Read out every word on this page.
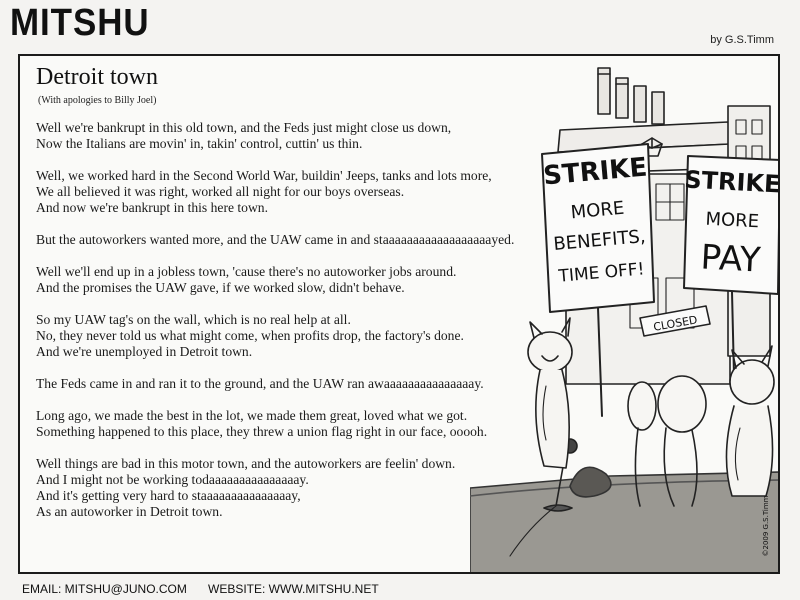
MITSHU	by G.S.Timm
Detroit town
(With apologies to Billy Joel)
Well we're bankrupt in this old town, and the Feds just might close us down,
Now the Italians are movin' in, takin' control, cuttin' us thin.
Well, we worked hard in the Second World War, buildin' Jeeps, tanks and lots more,
We all believed it was right, worked all night for our boys overseas.
And now we're bankrupt in this here town.
But the autoworkers wanted more, and the UAW came in and staaaaaaaaaaaaaaaaaayed.
Well we'll end up in a jobless town, 'cause there's no autoworker jobs around.
And the promises the UAW gave, if we worked slow, didn't behave.
So my UAW tag's on the wall, which is no real help at all.
No, they never told us what might come, when profits drop, the factory's done.
And we're unemployed in Detroit town.
The Feds came in and ran it to the ground, and the UAW ran awaaaaaaaaaaaaaaay.
Long ago, we made the best in the lot, we made them great, loved what we got.
Something happened to this place, they threw a union flag right in our face, ooooh.
Well things are bad in this motor town, and the autoworkers are feelin' down.
And I might not be working todaaaaaaaaaaaaaaay.
And it's getting very hard to staaaaaaaaaaaaaaay,
As an autoworker in Detroit town.
STRIKE
MORE
BENEFITS,
TIME OFF!
STRIKE
MORE
PAY
CLOSED
©2009 G.S.Timm
EMAIL: MITSHU@JUNO.COM WEBSITE: WWW.MITSHU.NET
